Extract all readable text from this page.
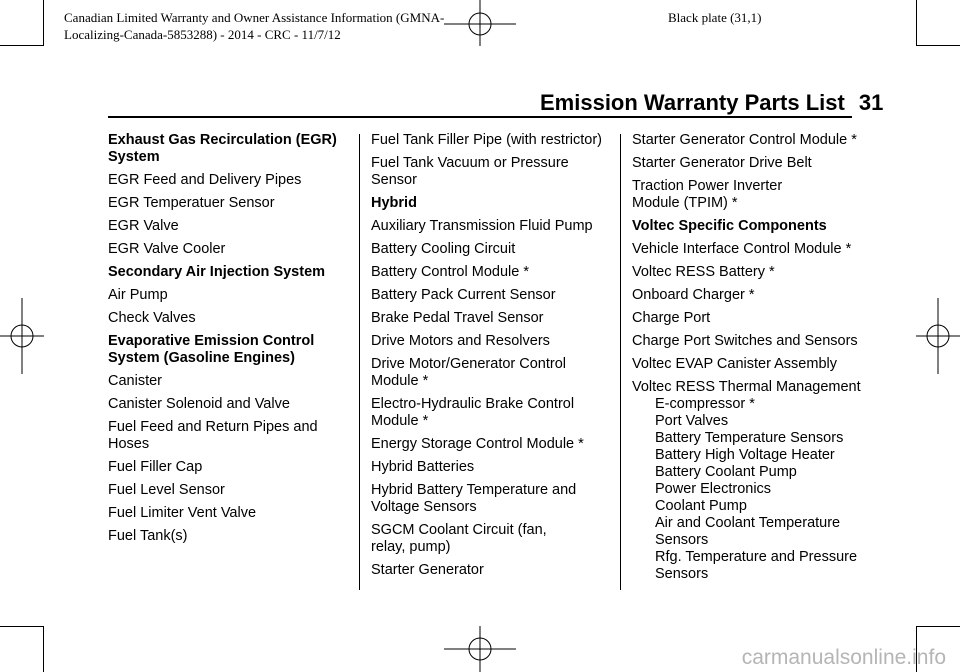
Canadian Limited Warranty and Owner Assistance Information (GMNA-
Localizing-Canada-5853288) - 2014 - CRC - 11/7/12
Black plate (31,1)
Emission Warranty Parts List 31
Exhaust Gas Recirculation (EGR)
System
EGR Feed and Delivery Pipes
EGR Temperatuer Sensor
EGR Valve
EGR Valve Cooler
Secondary Air Injection System
Air Pump
Check Valves
Evaporative Emission Control
System (Gasoline Engines)
Canister
Canister Solenoid and Valve
Fuel Feed and Return Pipes and
Hoses
Fuel Filler Cap
Fuel Level Sensor
Fuel Limiter Vent Valve
Fuel Tank(s)
Fuel Tank Filler Pipe (with restrictor)
Fuel Tank Vacuum or Pressure
Sensor
Hybrid
Auxiliary Transmission Fluid Pump
Battery Cooling Circuit
Battery Control Module *
Battery Pack Current Sensor
Brake Pedal Travel Sensor
Drive Motors and Resolvers
Drive Motor/Generator Control
Module *
Electro-Hydraulic Brake Control
Module *
Energy Storage Control Module *
Hybrid Batteries
Hybrid Battery Temperature and
Voltage Sensors
SGCM Coolant Circuit (fan,
relay, pump)
Starter Generator
Starter Generator Control Module *
Starter Generator Drive Belt
Traction Power Inverter
Module (TPIM) *
Voltec Specific Components
Vehicle Interface Control Module *
Voltec RESS Battery *
Onboard Charger *
Charge Port
Charge Port Switches and Sensors
Voltec EVAP Canister Assembly
Voltec RESS Thermal Management
E-compressor *
Port Valves
Battery Temperature Sensors
Battery High Voltage Heater
Battery Coolant Pump
Power Electronics
Coolant Pump
Air and Coolant Temperature
Sensors
Rfg. Temperature and Pressure
Sensors
carmanualsonline.info
